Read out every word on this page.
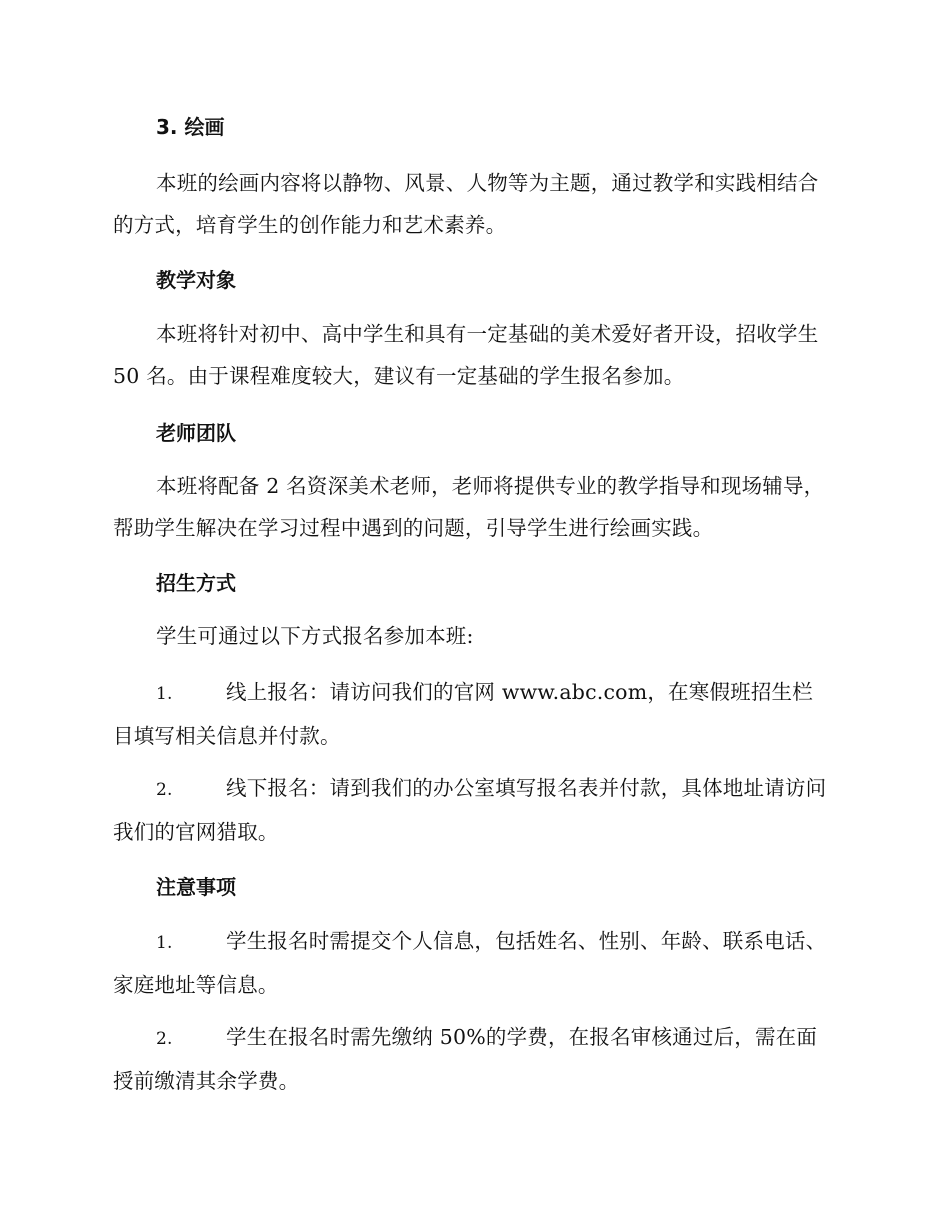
3. 绘画
本班的绘画内容将以静物、风景、人物等为主题，通过教学和实践相结合的方式，培育学生的创作能力和艺术素养。
教学对象
本班将针对初中、高中学生和具有一定基础的美术爱好者开设，招收学生 50 名。由于课程难度较大，建议有一定基础的学生报名参加。
老师团队
本班将配备 2 名资深美术老师，老师将提供专业的教学指导和现场辅导，帮助学生解决在学习过程中遇到的问题，引导学生进行绘画实践。
招生方式
学生可通过以下方式报名参加本班:
1.	线上报名：请访问我们的官网 www.abc.com，在寒假班招生栏目填写相关信息并付款。
2.	线下报名：请到我们的办公室填写报名表并付款，具体地址请访问我们的官网猎取。
注意事项
1.	学生报名时需提交个人信息，包括姓名、性别、年龄、联系电话、家庭地址等信息。
2.	学生在报名时需先缴纳 50%的学费，在报名审核通过后，需在面授前缴清其余学费。
